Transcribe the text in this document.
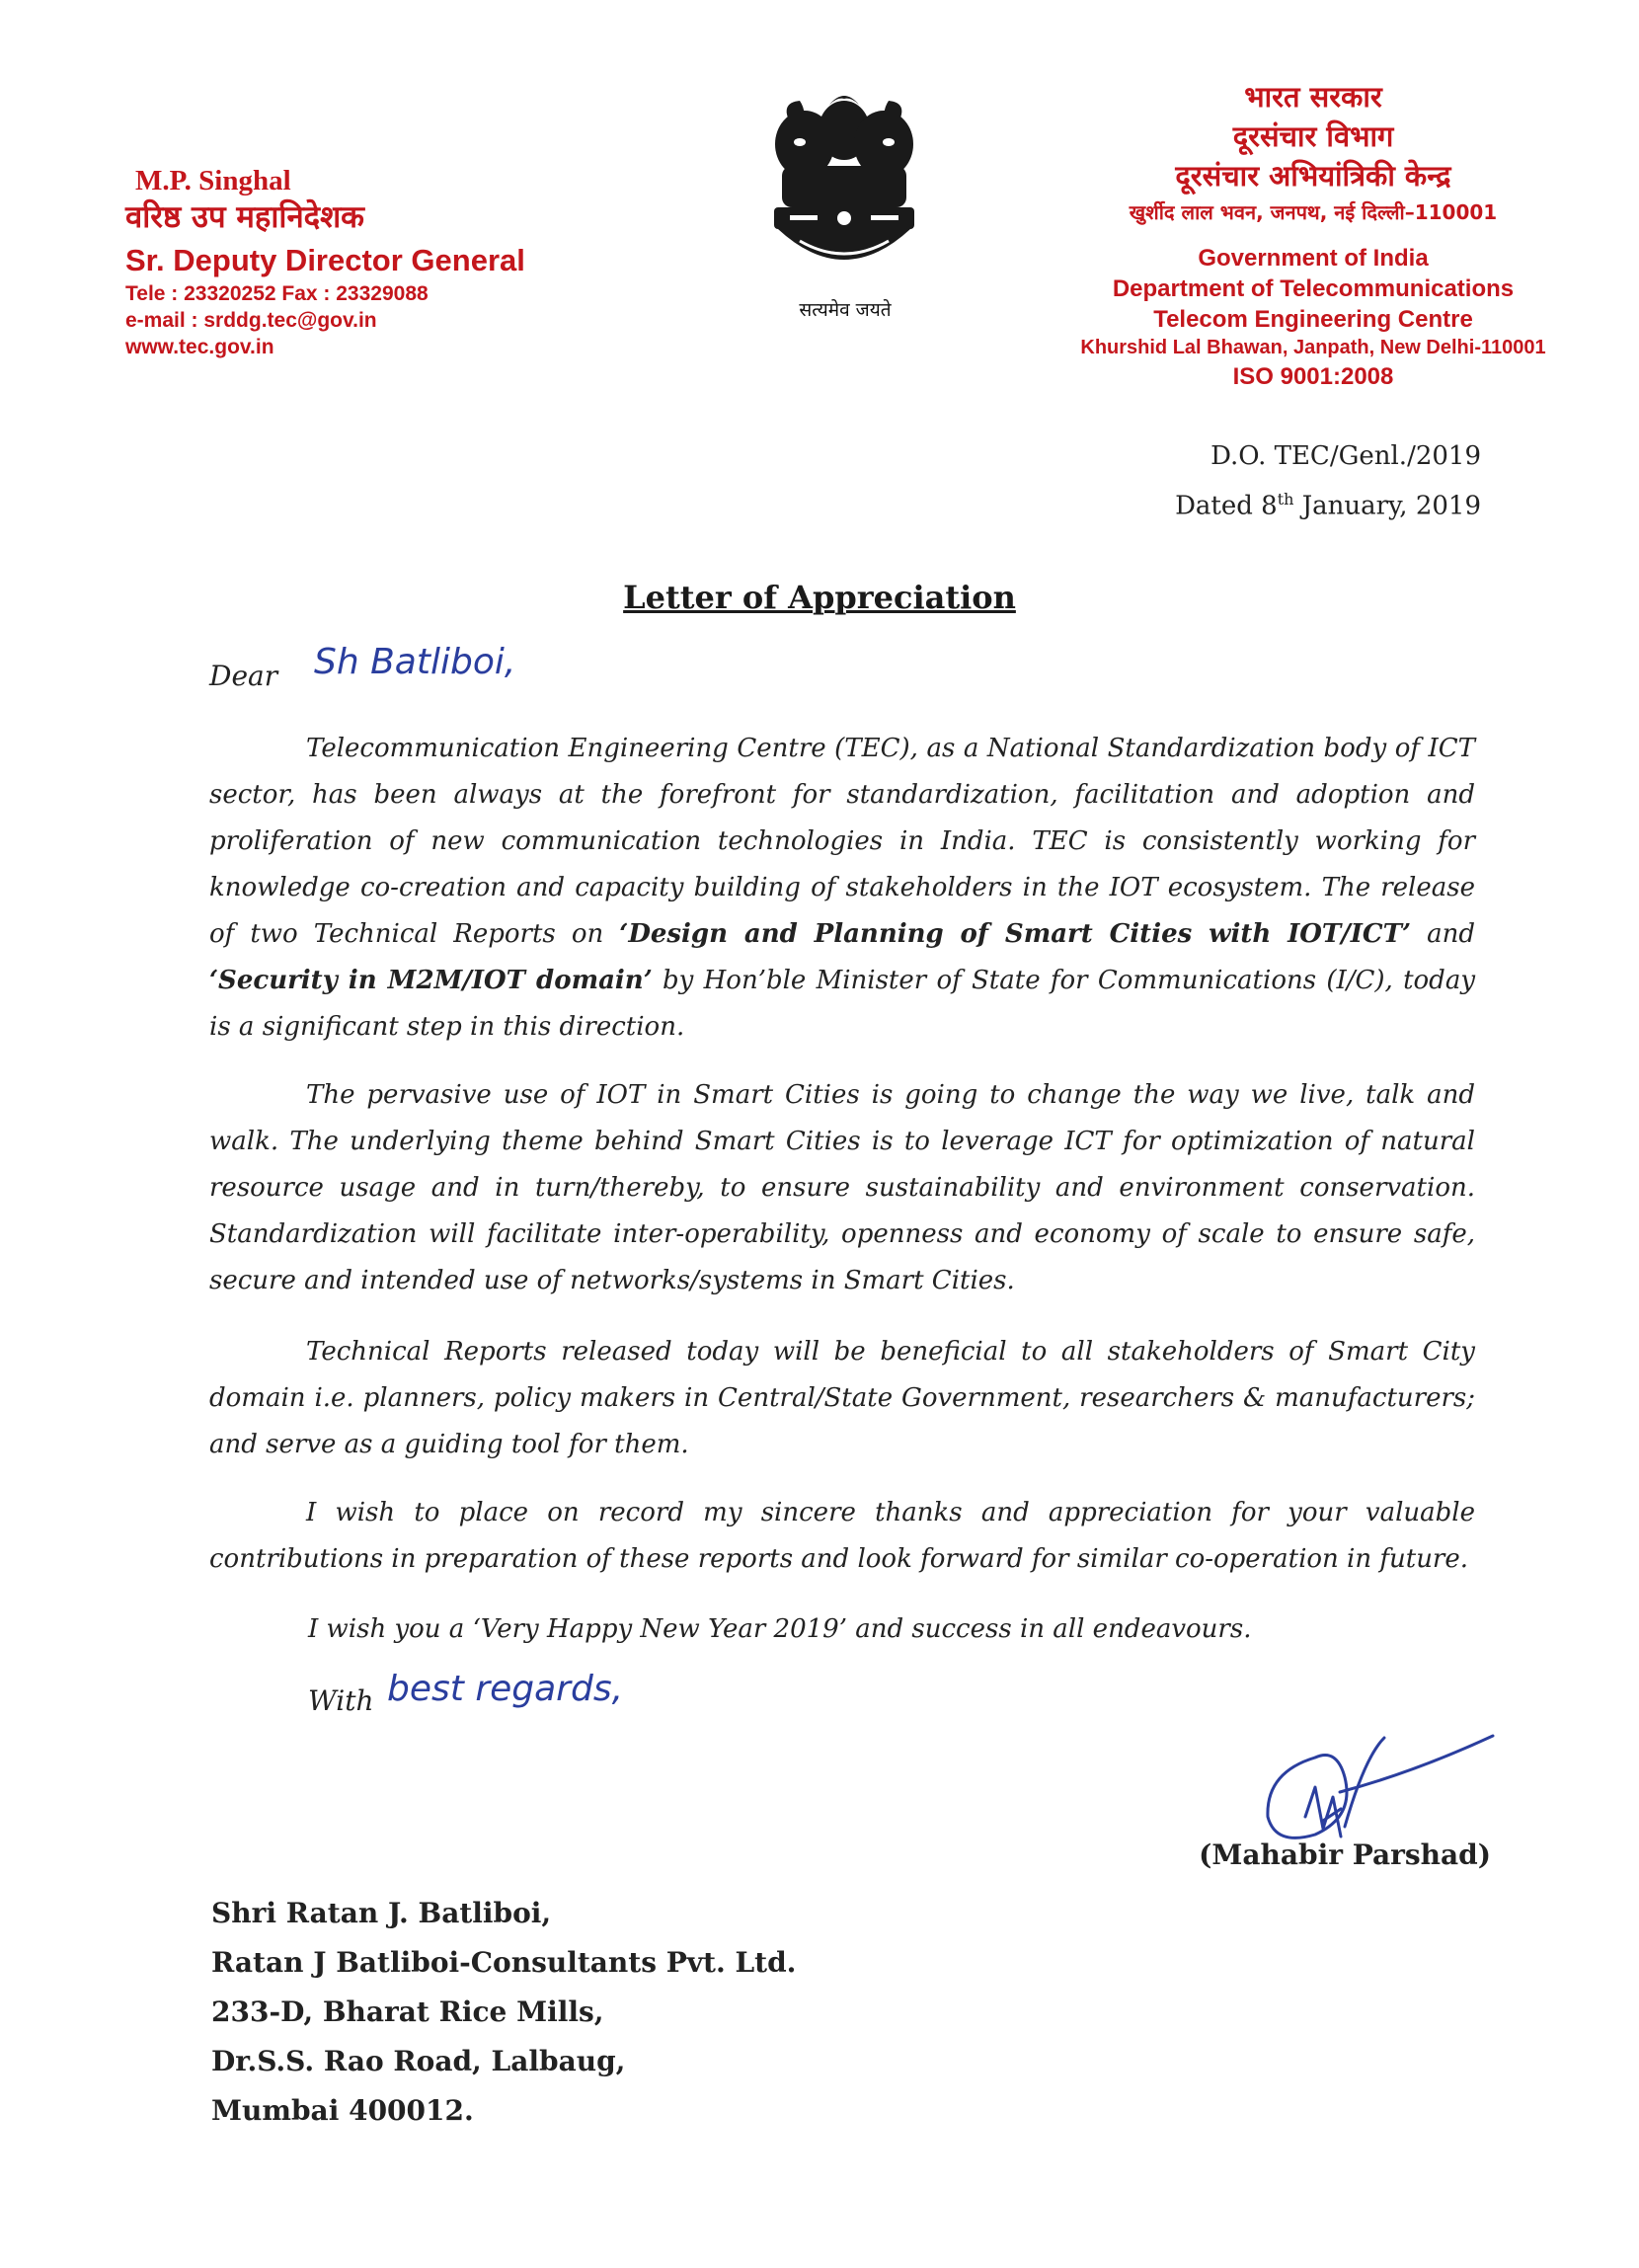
M.P. Singhal
वरिष्ठ उप महानिदेशक
Sr. Deputy Director General
Tele : 23320252 Fax : 23329088
e-mail : srddg.tec@gov.in
www.tec.gov.in
सत्यमेव जयते
भारत सरकार
दूरसंचार विभाग
दूरसंचार अभियांत्रिकी केन्द्र
खुर्शीद लाल भवन, जनपथ, नई दिल्ली–110001
Government of India
Department of Telecommunications
Telecom Engineering Centre
Khurshid Lal Bhawan, Janpath, New Delhi-110001
ISO 9001:2008
D.O. TEC/Genl./2019
Dated 8th January, 2019
Letter of Appreciation
Dear Sh Batliboi,

Telecommunication Engineering Centre (TEC), as a National Standardization body of ICT sector, has been always at the forefront for standardization, facilitation and adoption and proliferation of new communication technologies in India. TEC is consistently working for knowledge co-creation and capacity building of stakeholders in the IOT ecosystem. The release of two Technical Reports on ‘Design and Planning of Smart Cities with IOT/ICT’ and ‘Security in M2M/IOT domain’ by Hon’ble Minister of State for Communications (I/C), today is a significant step in this direction.

The pervasive use of IOT in Smart Cities is going to change the way we live, talk and walk. The underlying theme behind Smart Cities is to leverage ICT for optimization of natural resource usage and in turn/thereby, to ensure sustainability and environment conservation. Standardization will facilitate inter-operability, openness and economy of scale to ensure safe, secure and intended use of networks/systems in Smart Cities.

Technical Reports released today will be beneficial to all stakeholders of Smart City domain i.e. planners, policy makers in Central/State Government, researchers & manufacturers; and serve as a guiding tool for them.

I wish to place on record my sincere thanks and appreciation for your valuable contributions in preparation of these reports and look forward for similar co-operation in future.

I wish you a ‘Very Happy New Year 2019’ and success in all endeavours.

With best regards,
(Mahabir Parshad)
Shri Ratan J. Batliboi,
Ratan J Batliboi-Consultants Pvt. Ltd.
233-D, Bharat Rice Mills,
Dr.S.S. Rao Road, Lalbaug,
Mumbai 400012.
